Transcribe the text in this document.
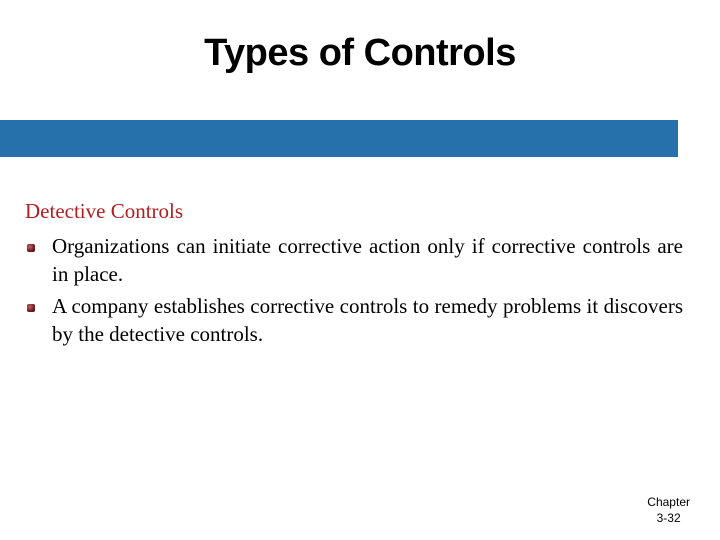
Types of Controls
Detective Controls
Organizations can initiate corrective action only if corrective controls are in place.
A company establishes corrective controls to remedy problems it discovers by the detective controls.
Chapter
3-32
